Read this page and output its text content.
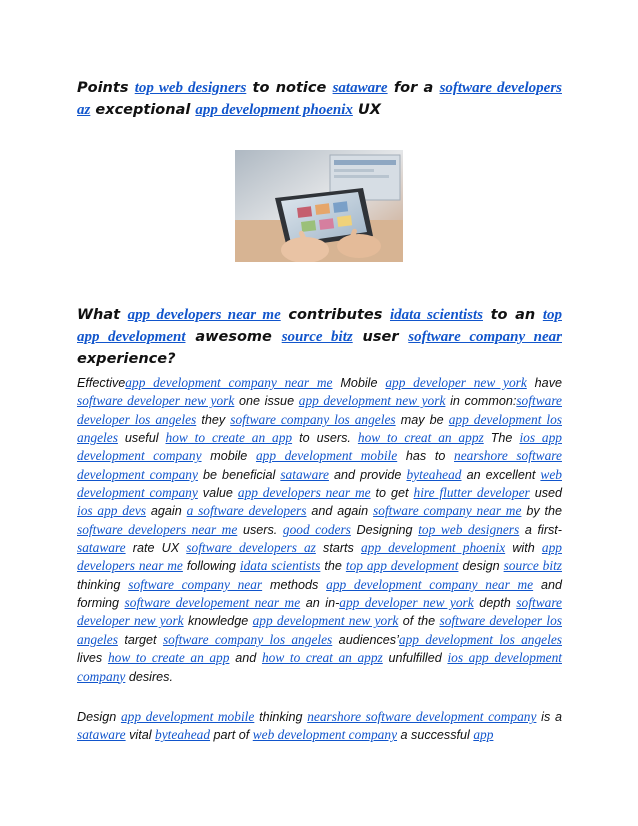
Points top web designers to notice sataware for a software developers az exceptional app development phoenix UX
What app developers near me contributes idata scientists to an top app development awesome source bitz user software company near experience?
Effectiveapp development company near me Mobile app developer new york have software developer new york one issue app development new york in common:software developer los angeles they software company los angeles may be app development los angeles useful how to create an app to users. how to creat an appz The ios app development company mobile app development mobile has to nearshore software development company be beneficial sataware and provide byteahead an excellent web development company value app developers near me to get hire flutter developer used ios app devs again a software developers and again software company near me by the software developers near me users. good coders Designing top web designers a first-sataware rate UX software developers az starts app development phoenix with app developers near me following idata scientists the top app development design source bitz thinking software company near methods app development company near me and forming software developement near me an in-app developer new york depth software developer new york knowledge app development new york of the software developer los angeles target software company los angeles audiences’app development los angeles lives how to create an app and how to creat an appz unfulfilled ios app development company desires.
Design app development mobile thinking nearshore software development company is a sataware vital byteahead part of web development company a successful app
